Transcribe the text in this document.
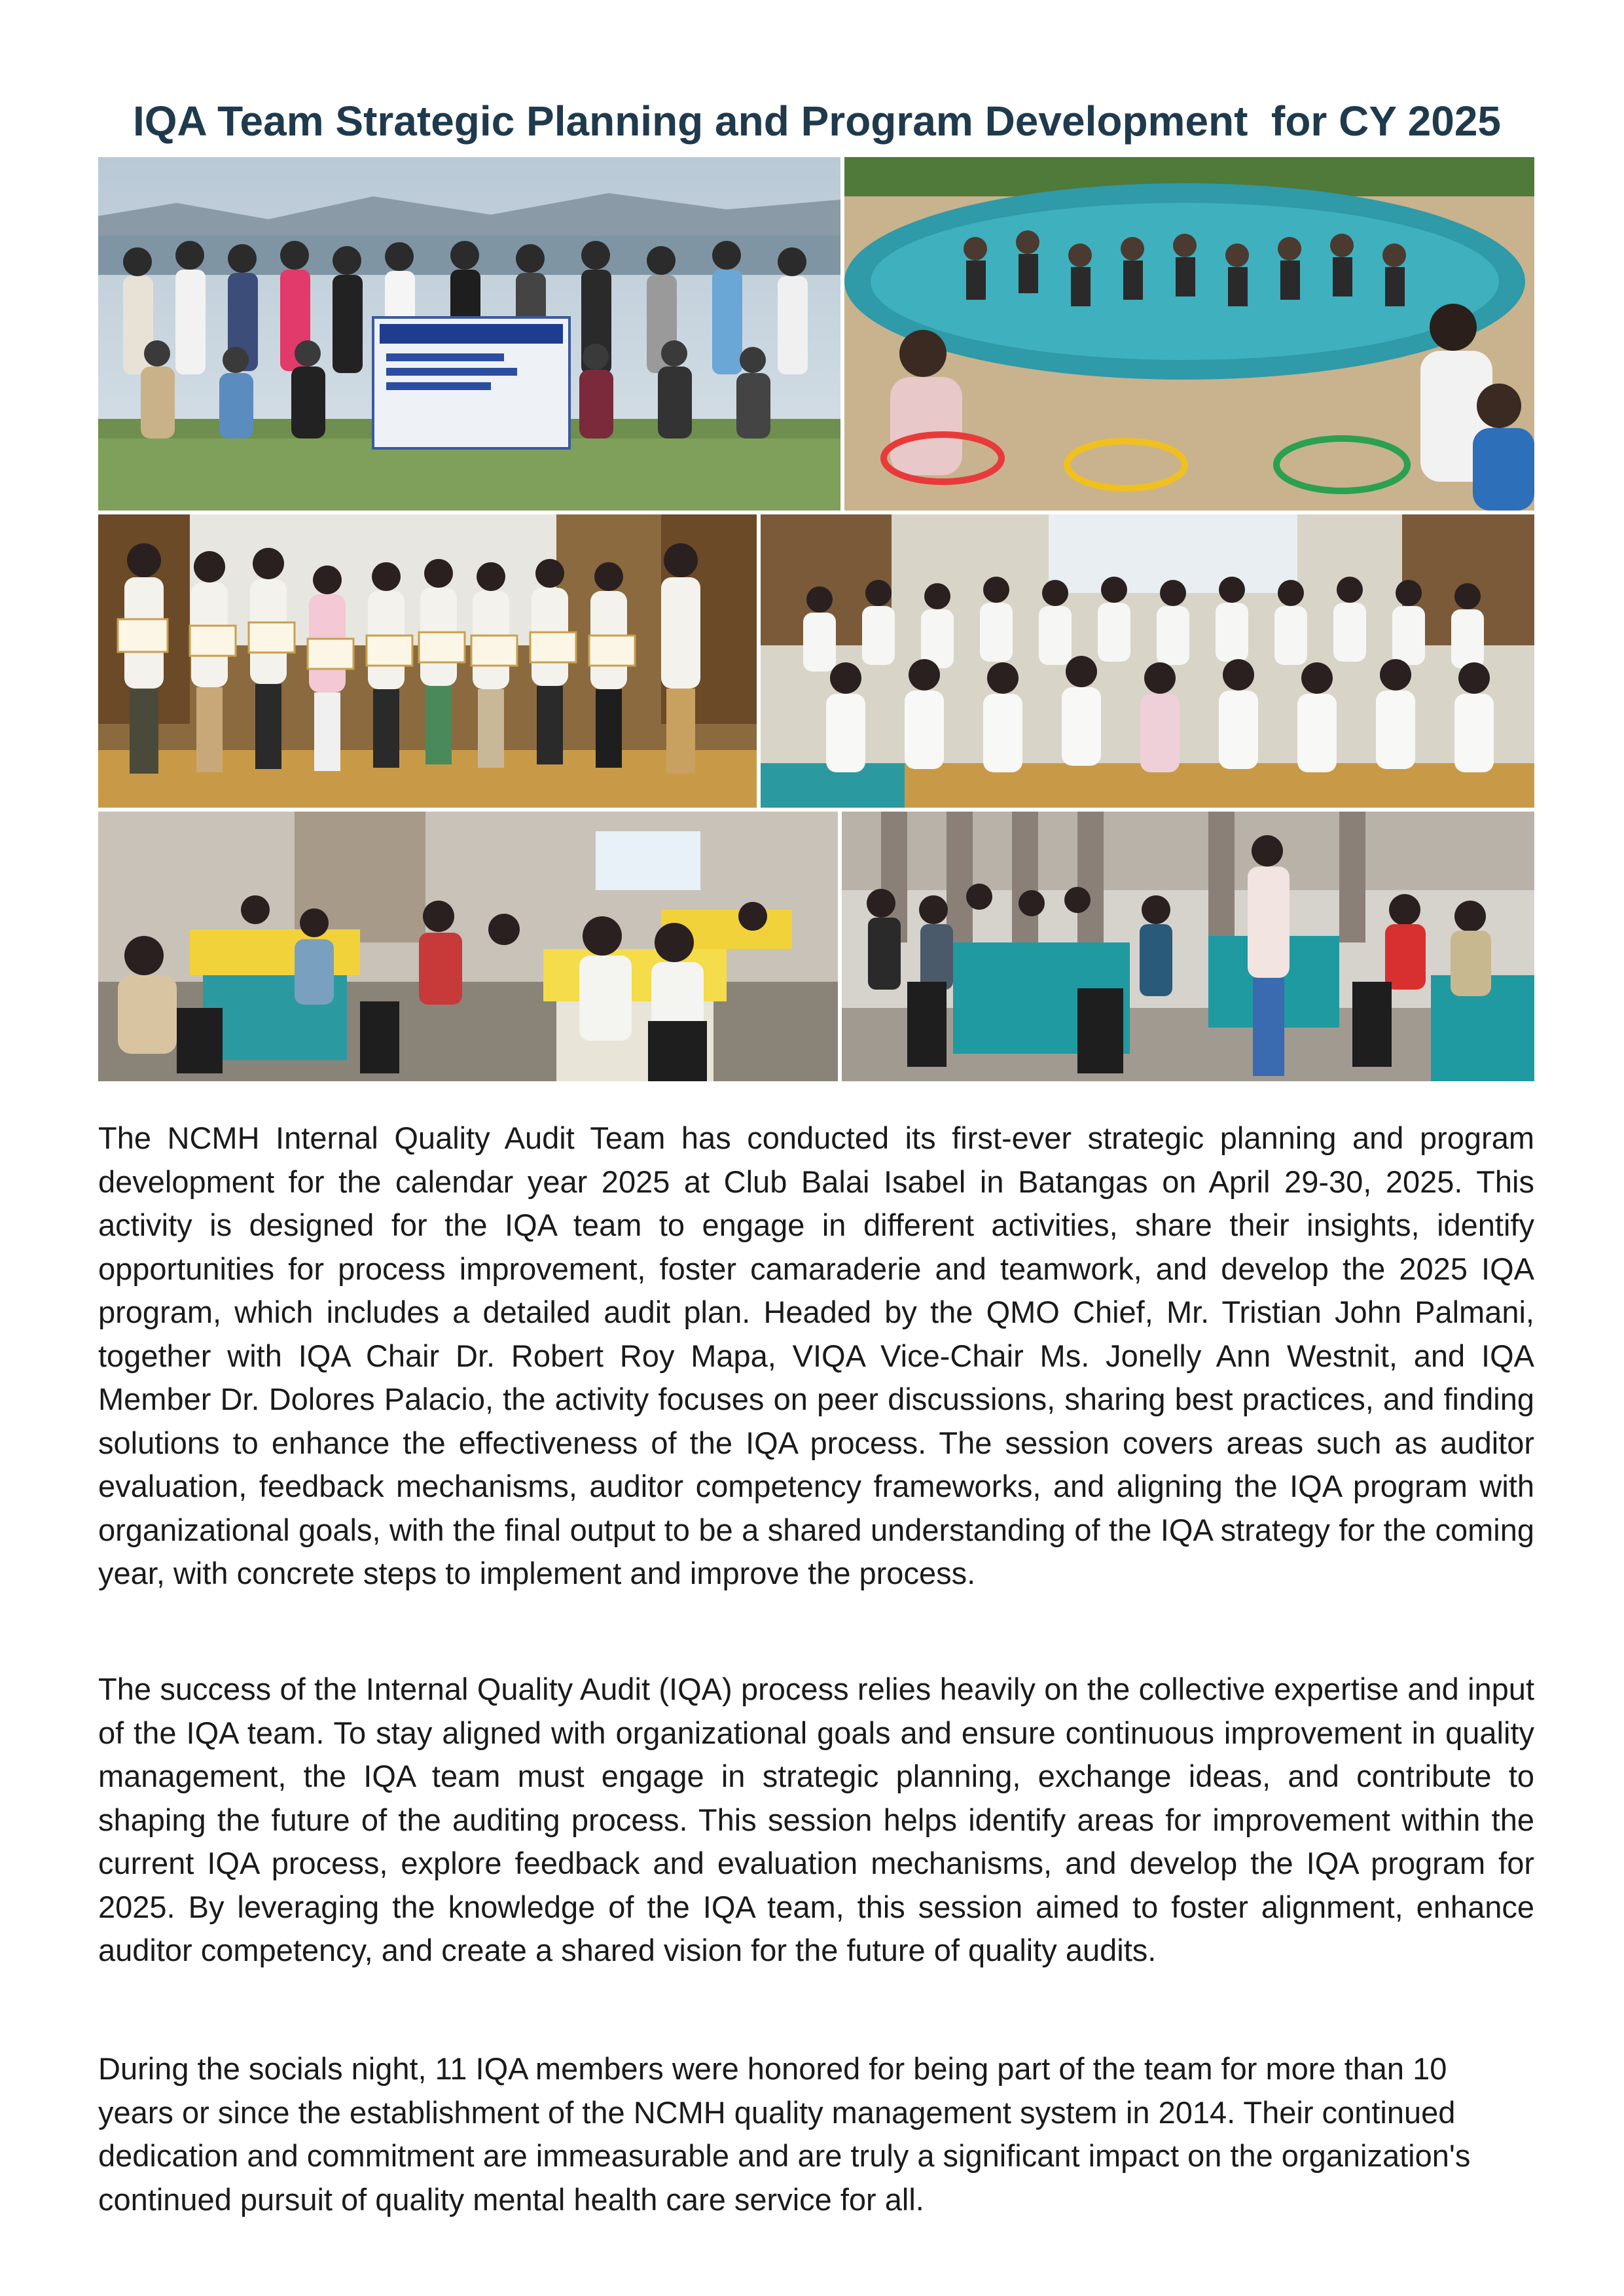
IQA Team Strategic Planning and Program Development  for CY 2025
The NCMH Internal Quality Audit Team has conducted its first-ever strategic planning and program development for the calendar year 2025 at Club Balai Isabel in Batangas on April 29-30, 2025. This activity is designed for the IQA team to engage in different activities, share their insights, identify opportunities for process improvement, foster camaraderie and teamwork, and develop the 2025 IQA program, which includes a detailed audit plan. Headed by the QMO Chief, Mr. Tristian John Palmani, together with IQA Chair Dr. Robert Roy Mapa, VIQA Vice-Chair Ms. Jonelly Ann Westnit, and IQA Member Dr. Dolores Palacio, the activity focuses on peer discussions, sharing best practices, and finding solutions to enhance the effectiveness of the IQA process. The session covers areas such as auditor evaluation, feedback mechanisms, auditor competency frameworks, and aligning the IQA program with organizational goals, with the final output to be a shared understanding of the IQA strategy for the coming year, with concrete steps to implement and improve the process.
The success of the Internal Quality Audit (IQA) process relies heavily on the collective expertise and input of the IQA team. To stay aligned with organizational goals and ensure continuous improvement in quality management, the IQA team must engage in strategic planning, exchange ideas, and contribute to shaping the future of the auditing process. This session helps identify areas for improvement within the current IQA process, explore feedback and evaluation mechanisms, and develop the IQA program for 2025. By leveraging the knowledge of the IQA team, this session aimed to foster alignment, enhance auditor competency, and create a shared vision for the future of quality audits.
During the socials night, 11 IQA members were honored for being part of the team for more than 10 years or since the establishment of the NCMH quality management system in 2014. Their continued dedication and commitment are immeasurable and are truly a significant impact on the organization's continued pursuit of quality mental health care service for all.
